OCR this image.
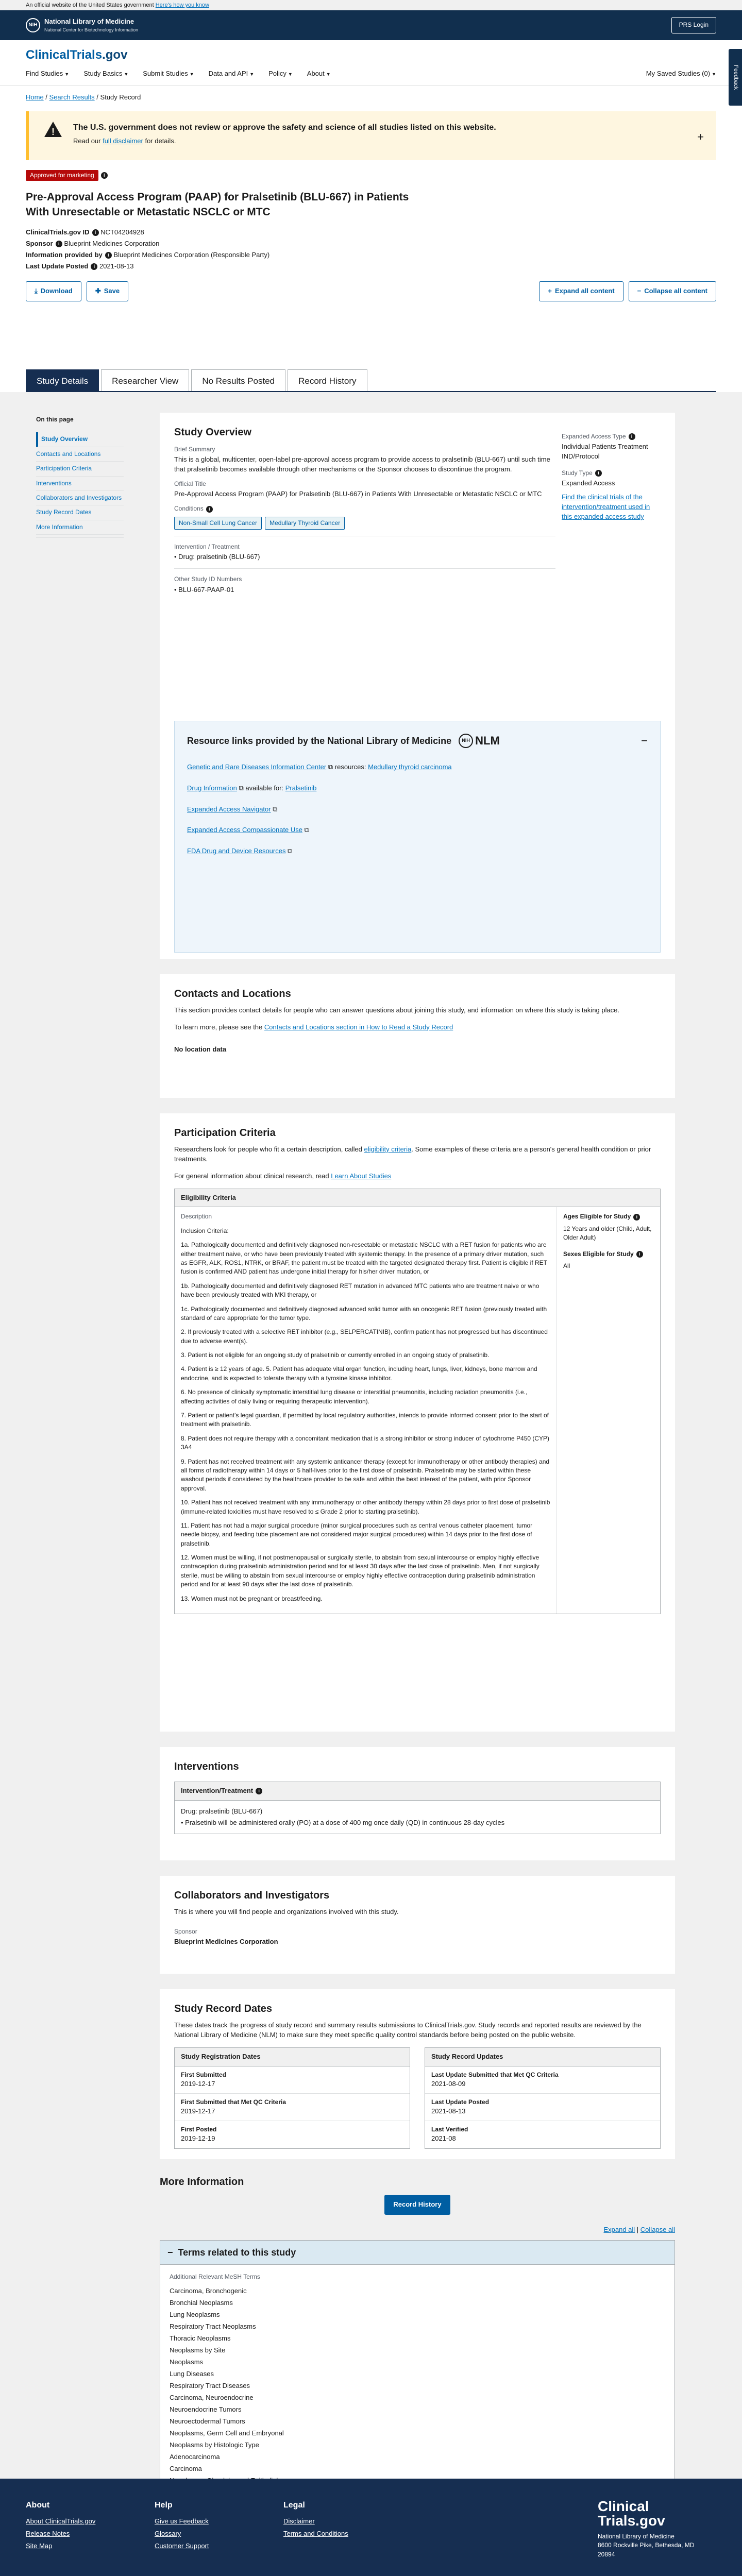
An official website of the United States government Here's how you know
NIH	National Library of Medicine
National Center for Biotechnology Information
PRS Login
ClinicalTrials.gov
Find Studies ▼ Study Basics ▼ Submit Studies ▼ Data and API ▼ Policy ▼ About ▼	My Saved Studies (0) ▼	Feedback
Home / Search Results / Study Record
!
The U.S. government does not review or approve the safety and science of all studies listed on this website.
Read our full disclaimer for details.	+
Approved for marketing i
Pre-Approval Access Program (PAAP) for Pralsetinib (BLU-667) in Patients With Unresectable or Metastatic NSCLC or MTC
ClinicalTrials.gov ID i NCT04204928
Sponsor i Blueprint Medicines Corporation
Information provided by i Blueprint Medicines Corporation (Responsible Party)
Last Update Posted i 2021-08-13
⤓ Download	✚ Save	+ Expand all content	− Collapse all content
Study Details	Researcher View	No Results Posted	Record History
On this page
Study Overview
Contacts and Locations
Participation Criteria
Interventions
Collaborators and Investigators
Study Record Dates
More Information
Study Overview
Brief Summary
This is a global, multicenter, open-label pre-approval access program to provide access to pralsetinib (BLU-667) until such time that pralsetinib becomes available through other mechanisms or the Sponsor chooses to discontinue the program.
Official Title
Pre-Approval Access Program (PAAP) for Pralsetinib (BLU-667) in Patients With Unresectable or Metastatic NSCLC or MTC
Conditions i
Non-Small Cell Lung Cancer Medullary Thyroid Cancer
Intervention / Treatment
• Drug: pralsetinib (BLU-667)
Other Study ID Numbers
• BLU-667-PAAP-01
Expanded Access Type i
Individual Patients Treatment IND/Protocol
Study Type i
Expanded Access
Find the clinical trials of the intervention/treatment used in this expanded access study
Resource links provided by the National Library of Medicine	NIH NLM	−

Genetic and Rare Diseases Information Center ⧉ resources: Medullary thyroid carcinoma

Drug Information ⧉ available for: Pralsetinib

Expanded Access Navigator ⧉

Expanded Access Compassionate Use ⧉

FDA Drug and Device Resources ⧉

Contacts and Locations
This section provides contact details for people who can answer questions about joining this study, and information on where this study is taking place.
To learn more, please see the Contacts and Locations section in How to Read a Study Record
No location data
Participation Criteria
Researchers look for people who fit a certain description, called eligibility criteria. Some examples of these criteria are a person's general health condition or prior treatments.
For general information about clinical research, read Learn About Studies
Eligibility Criteria
Description

Inclusion Criteria:

1a. Pathologically documented and definitively diagnosed non-resectable or metastatic NSCLC with a RET fusion for patients who are either treatment naive, or who have been previously treated with systemic therapy. In the presence of a primary driver mutation, such as EGFR, ALK, ROS1, NTRK, or BRAF, the patient must be treated with the targeted designated therapy first. Patient is eligible if RET fusion is confirmed AND patient has undergone initial therapy for his/her driver mutation, or

1b. Pathologically documented and definitively diagnosed RET mutation in advanced MTC patients who are treatment naive or who have been previously treated with MKI therapy, or

1c. Pathologically documented and definitively diagnosed advanced solid tumor with an oncogenic RET fusion (previously treated with standard of care appropriate for the tumor type.

2. If previously treated with a selective RET inhibitor (e.g., SELPERCATINIB), confirm patient has not progressed but has discontinued due to adverse event(s).

3. Patient is not eligible for an ongoing study of pralsetinib or currently enrolled in an ongoing study of pralsetinib.

4. Patient is ≥ 12 years of age. 5. Patient has adequate vital organ function, including heart, lungs, liver, kidneys, bone marrow and endocrine, and is expected to tolerate therapy with a tyrosine kinase inhibitor.

6. No presence of clinically symptomatic interstitial lung disease or interstitial pneumonitis, including radiation pneumonitis (i.e., affecting activities of daily living or requiring therapeutic intervention).

7. Patient or patient's legal guardian, if permitted by local regulatory authorities, intends to provide informed consent prior to the start of treatment with pralsetinib.

8. Patient does not require therapy with a concomitant medication that is a strong inhibitor or strong inducer of cytochrome P450 (CYP) 3A4

9. Patient has not received treatment with any systemic anticancer therapy (except for immunotherapy or other antibody therapies) and all forms of radiotherapy within 14 days or 5 half-lives prior to the first dose of pralsetinib. Pralsetinib may be started within these washout periods if considered by the healthcare provider to be safe and within the best interest of the patient, with prior Sponsor approval.

10. Patient has not received treatment with any immunotherapy or other antibody therapy within 28 days prior to first dose of pralsetinib (immune-related toxicities must have resolved to ≤ Grade 2 prior to starting pralsetinib).

11. Patient has not had a major surgical procedure (minor surgical procedures such as central venous catheter placement, tumor needle biopsy, and feeding tube placement are not considered major surgical procedures) within 14 days prior to the first dose of pralsetinib.

12. Women must be willing, if not postmenopausal or surgically sterile, to abstain from sexual intercourse or employ highly effective contraception during pralsetinib administration period and for at least 30 days after the last dose of pralsetinib. Men, if not surgically sterile, must be willing to abstain from sexual intercourse or employ highly effective contraception during pralsetinib administration period and for at least 90 days after the last dose of pralsetinib.

13. Women must not be pregnant or breast/feeding.

Ages Eligible for Study i
12 Years and older (Child, Adult, Older Adult)
Sexes Eligible for Study i
All
Interventions
Intervention/Treatment i
Drug: pralsetinib (BLU-667)
• Pralsetinib will be administered orally (PO) at a dose of 400 mg once daily (QD) in continuous 28-day cycles
Collaborators and Investigators
This is where you will find people and organizations involved with this study.
Sponsor
Blueprint Medicines Corporation
Study Record Dates
These dates track the progress of study record and summary results submissions to ClinicalTrials.gov. Study records and reported results are reviewed by the National Library of Medicine (NLM) to make sure they meet specific quality control standards before being posted on the public website.
Study Registration Dates
First Submitted
2019-12-17
First Submitted that Met QC Criteria
2019-12-17
First Posted
2019-12-19
Study Record Updates
Last Update Submitted that Met QC Criteria
2021-08-09
Last Update Posted
2021-08-13
Last Verified
2021-08
More Information
Record History
Expand all | Collapse all
− Terms related to this study
Additional Relevant MeSH Terms
Carcinoma, Bronchogenic
Bronchial Neoplasms
Lung Neoplasms
Respiratory Tract Neoplasms
Thoracic Neoplasms
Neoplasms by Site
Neoplasms
Lung Diseases
Respiratory Tract Diseases
Carcinoma, Neuroendocrine
Neuroendocrine Tumors
Neuroectodermal Tumors
Neoplasms, Germ Cell and Embryonal
Neoplasms by Histologic Type
Adenocarcinoma
Carcinoma
About
About ClinicalTrials.gov
Release Notes
Site Map
Help
Give us Feedback
Glossary
Customer Support
Legal
Disclaimer
Terms and Conditions
Clinical
Trials.gov
National Library of Medicine
8600 Rockville Pike, Bethesda, MD
20894
